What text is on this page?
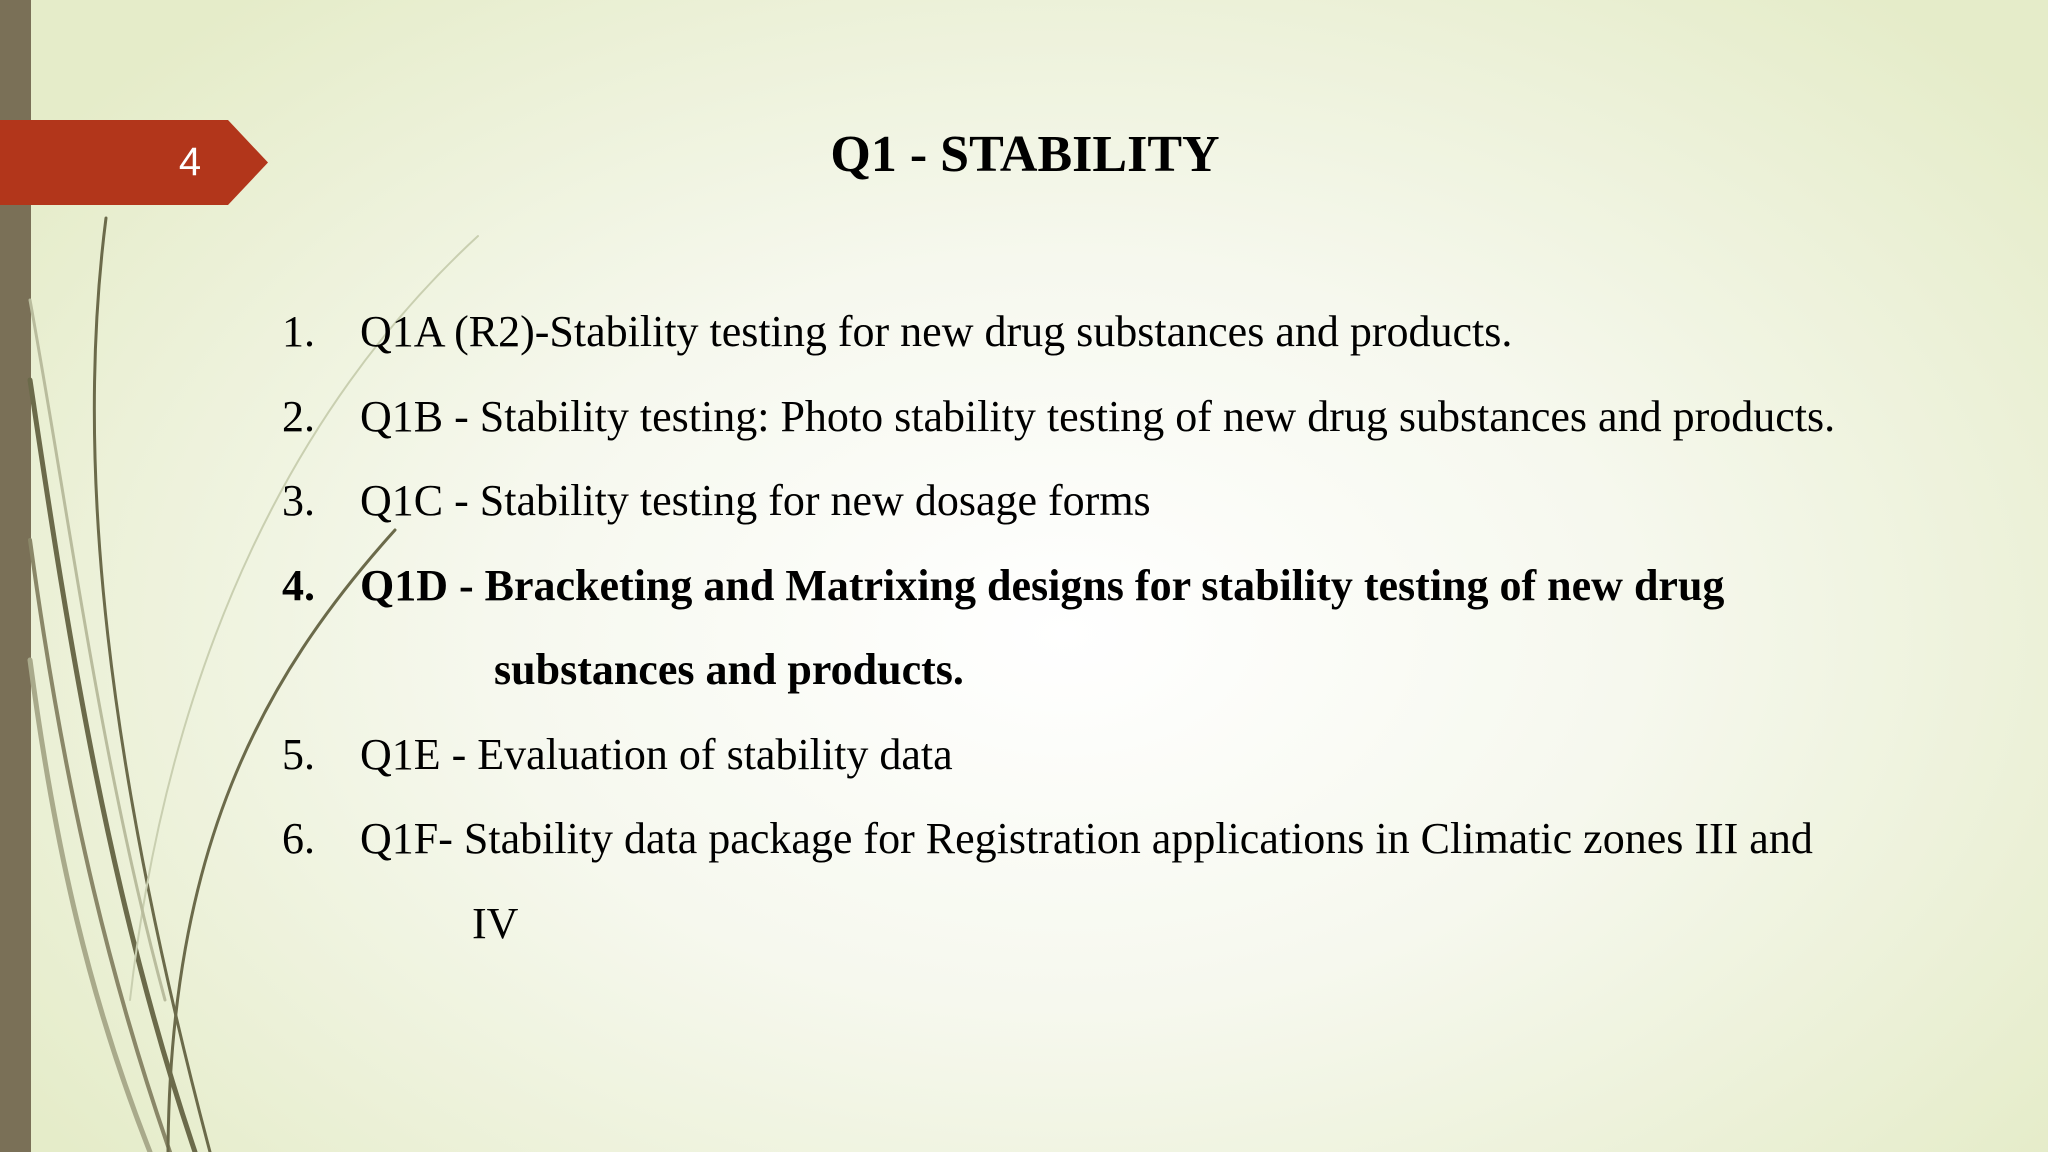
4	Q1 - STABILITY
1.	Q1A (R2)-Stability testing for new drug substances and products.
2.	Q1B - Stability testing: Photo stability testing of new drug substances and products.
3.	Q1C - Stability testing for new dosage forms
4.	Q1D - Bracketing and Matrixing designs for stability testing of new drug
substances and products.
5.	Q1E - Evaluation of stability data
6.	Q1F- Stability data package for Registration applications in Climatic zones III and
IV
